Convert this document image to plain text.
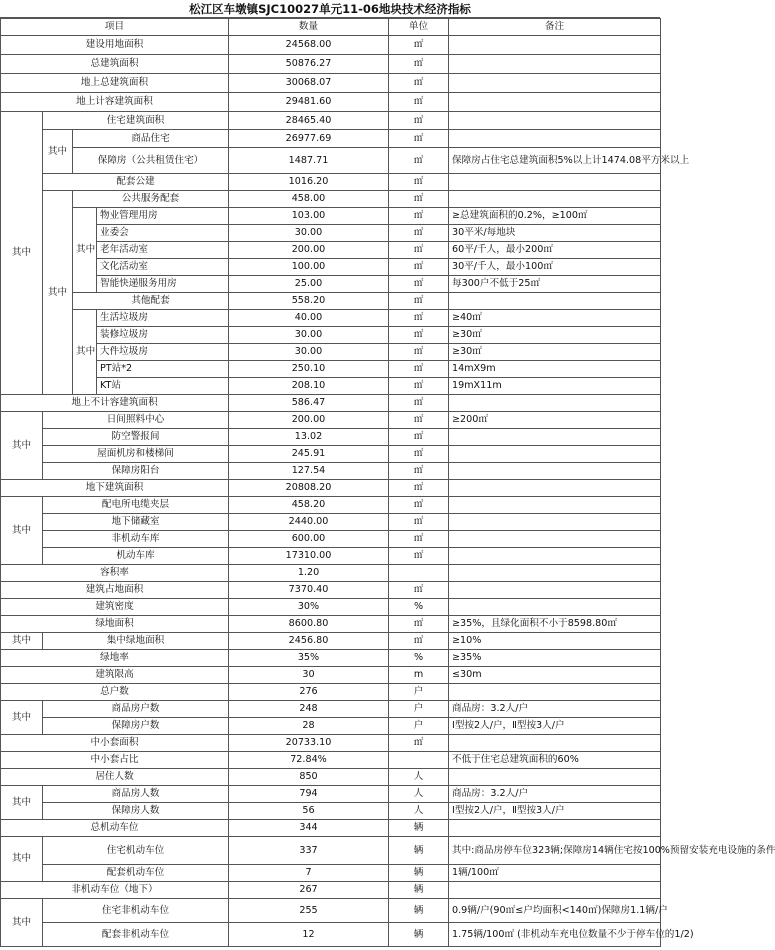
松江区车墩镇SJC10027单元11-06地块技术经济指标
项目				数量	单位	备注
建设用地面积				24568.00	㎡	
总建筑面积				50876.27	㎡	
地上总建筑面积				30068.07	㎡	
地上计容建筑面积				29481.60	㎡	
其中	住宅建筑面积			28465.40	㎡	
	其中	商品住宅		26977.69	㎡	
		保障房（公共租赁住宅）		1487.71	㎡	保障房占住宅总建筑面积5%以上计1474.08平方米以上
	配套公建			1016.20	㎡	
	其中	公共服务配套		458.00	㎡	
		其中	物业管理用房	103.00	㎡	≥总建筑面积的0.2%，≥100㎡
			业委会	30.00	㎡	30平米/每地块
			老年活动室	200.00	㎡	60平/千人，最小200㎡
			文化活动室	100.00	㎡	30平/千人，最小100㎡
			智能快递服务用房	25.00	㎡	每300户不低于25㎡
		其他配套		558.20	㎡	
		其中	生活垃圾房	40.00	㎡	≥40㎡
			装修垃圾房	30.00	㎡	≥30㎡
			大件垃圾房	30.00	㎡	≥30㎡
			PT站*2	250.10	㎡	14mX9m
			KT站	208.10	㎡	19mX11m
地上不计容建筑面积				586.47	㎡	
其中	日间照料中心			200.00	㎡	≥200㎡
	防空警报间			13.02	㎡	
	屋面机房和楼梯间			245.91	㎡	
	保障房阳台			127.54	㎡	
地下建筑面积				20808.20	㎡	
其中	配电所电缆夹层			458.20	㎡	
	地下储藏室			2440.00	㎡	
	非机动车库			600.00	㎡	
	机动车库			17310.00	㎡	
容积率				1.20		
建筑占地面积				7370.40	㎡	
建筑密度				30%	%	
绿地面积				8600.80	㎡	≥35%，且绿化面积不小于8598.80㎡
其中	集中绿地面积			2456.80	㎡	≥10%
绿地率				35%	%	≥35%
建筑限高				30	m	≤30m
总户数				276	户	
其中	商品房户数			248	户	商品房：3.2人/户
	保障房户数			28	户	Ⅰ型按2人/户，Ⅱ型按3人/户
中小套面积				20733.10	㎡	
中小套占比				72.84%		不低于住宅总建筑面积的60%
居住人数				850	人	
其中	商品房人数			794	人	商品房：3.2人/户
	保障房人数			56	人	Ⅰ型按2人/户，Ⅱ型按3人/户
总机动车位				344	辆	
其中	住宅机动车位			337	辆	其中:商品房停车位323辆;保障房14辆住宅按100%预留安装充电设施的条件
	配套机动车位			7	辆	1辆/100㎡
非机动车位（地下）				267	辆	
其中	住宅非机动车位			255	辆	0.9辆/户(90㎡≤户均面积<140㎡)保障房1.1辆/户
	配套非机动车位			12	辆	1.75辆/100㎡ (非机动车充电位数量不少于停车位的1/2)
